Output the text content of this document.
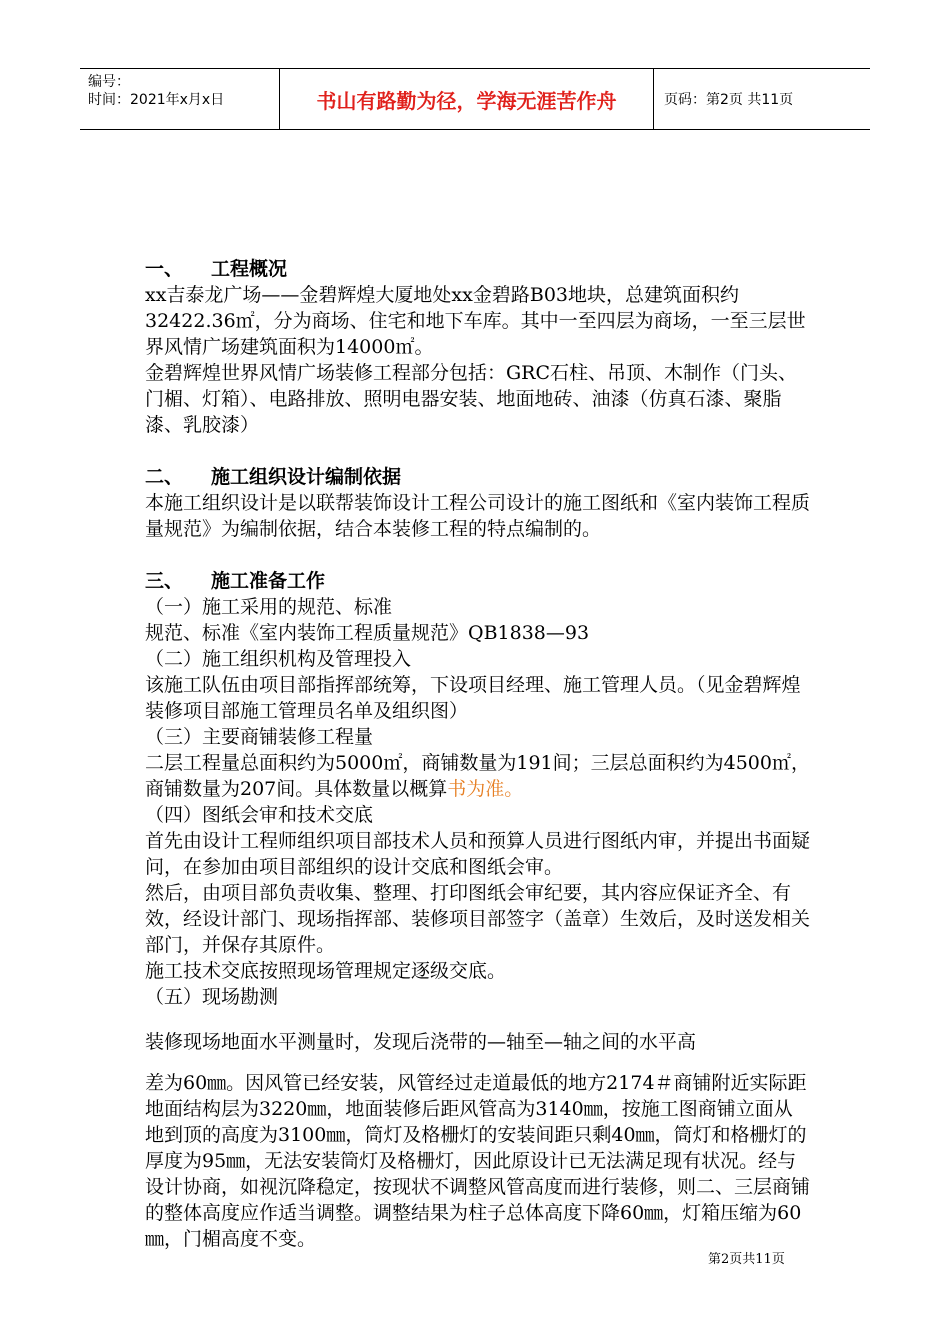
编号：
时间：2021年x月x日	书山有路勤为径，学海无涯苦作舟	页码：第2页 共11页

一、 工程概况

xx吉泰龙广场——金碧辉煌大厦地处xx金碧路B03地块，总建筑面积约32422.36㎡，分为商场、住宅和地下车库。其中一至四层为商场，一至三层世界风情广场建筑面积为14000㎡。

金碧辉煌世界风情广场装修工程部分包括：GRC石柱、吊顶、木制作（门头、门楣、灯箱）、电路排放、照明电器安装、地面地砖、油漆（仿真石漆、聚脂漆、乳胶漆）

二、 施工组织设计编制依据

本施工组织设计是以联帮装饰设计工程公司设计的施工图纸和《室内装饰工程质量规范》为编制依据，结合本装修工程的特点编制的。

三、 施工准备工作

（一）施工采用的规范、标准

规范、标准《室内装饰工程质量规范》QB1838—93

（二）施工组织机构及管理投入

该施工队伍由项目部指挥部统筹，下设项目经理、施工管理人员。（见金碧辉煌装修项目部施工管理员名单及组织图）

（三）主要商铺装修工程量

二层工程量总面积约为5000㎡，商铺数量为191间；三层总面积约为4500㎡，商铺数量为207间。具体数量以概算书为准。

（四）图纸会审和技术交底

首先由设计工程师组织项目部技术人员和预算人员进行图纸内审，并提出书面疑问，在参加由项目部组织的设计交底和图纸会审。

然后，由项目部负责收集、整理、打印图纸会审纪要，其内容应保证齐全、有效，经设计部门、现场指挥部、装修项目部签字（盖章）生效后，及时送发相关部门，并保存其原件。

施工技术交底按照现场管理规定逐级交底。

（五）现场勘测

装修现场地面水平测量时，发现后浇带的—轴至—轴之间的水平高

差为60㎜。因风管已经安装，风管经过走道最低的地方2174＃商铺附近实际距地面结构层为3220㎜，地面装修后距风管高为3140㎜，按施工图商铺立面从地到顶的高度为3100㎜，筒灯及格栅灯的安装间距只剩40㎜，筒灯和格栅灯的厚度为95㎜，无法安装筒灯及格栅灯，因此原设计已无法满足现有状况。经与设计协商，如视沉降稳定，按现状不调整风管高度而进行装修，则二、三层商铺的整体高度应作适当调整。调整结果为柱子总体高度下降60㎜，灯箱压缩为60㎜，门楣高度不变。

第2页共11页
